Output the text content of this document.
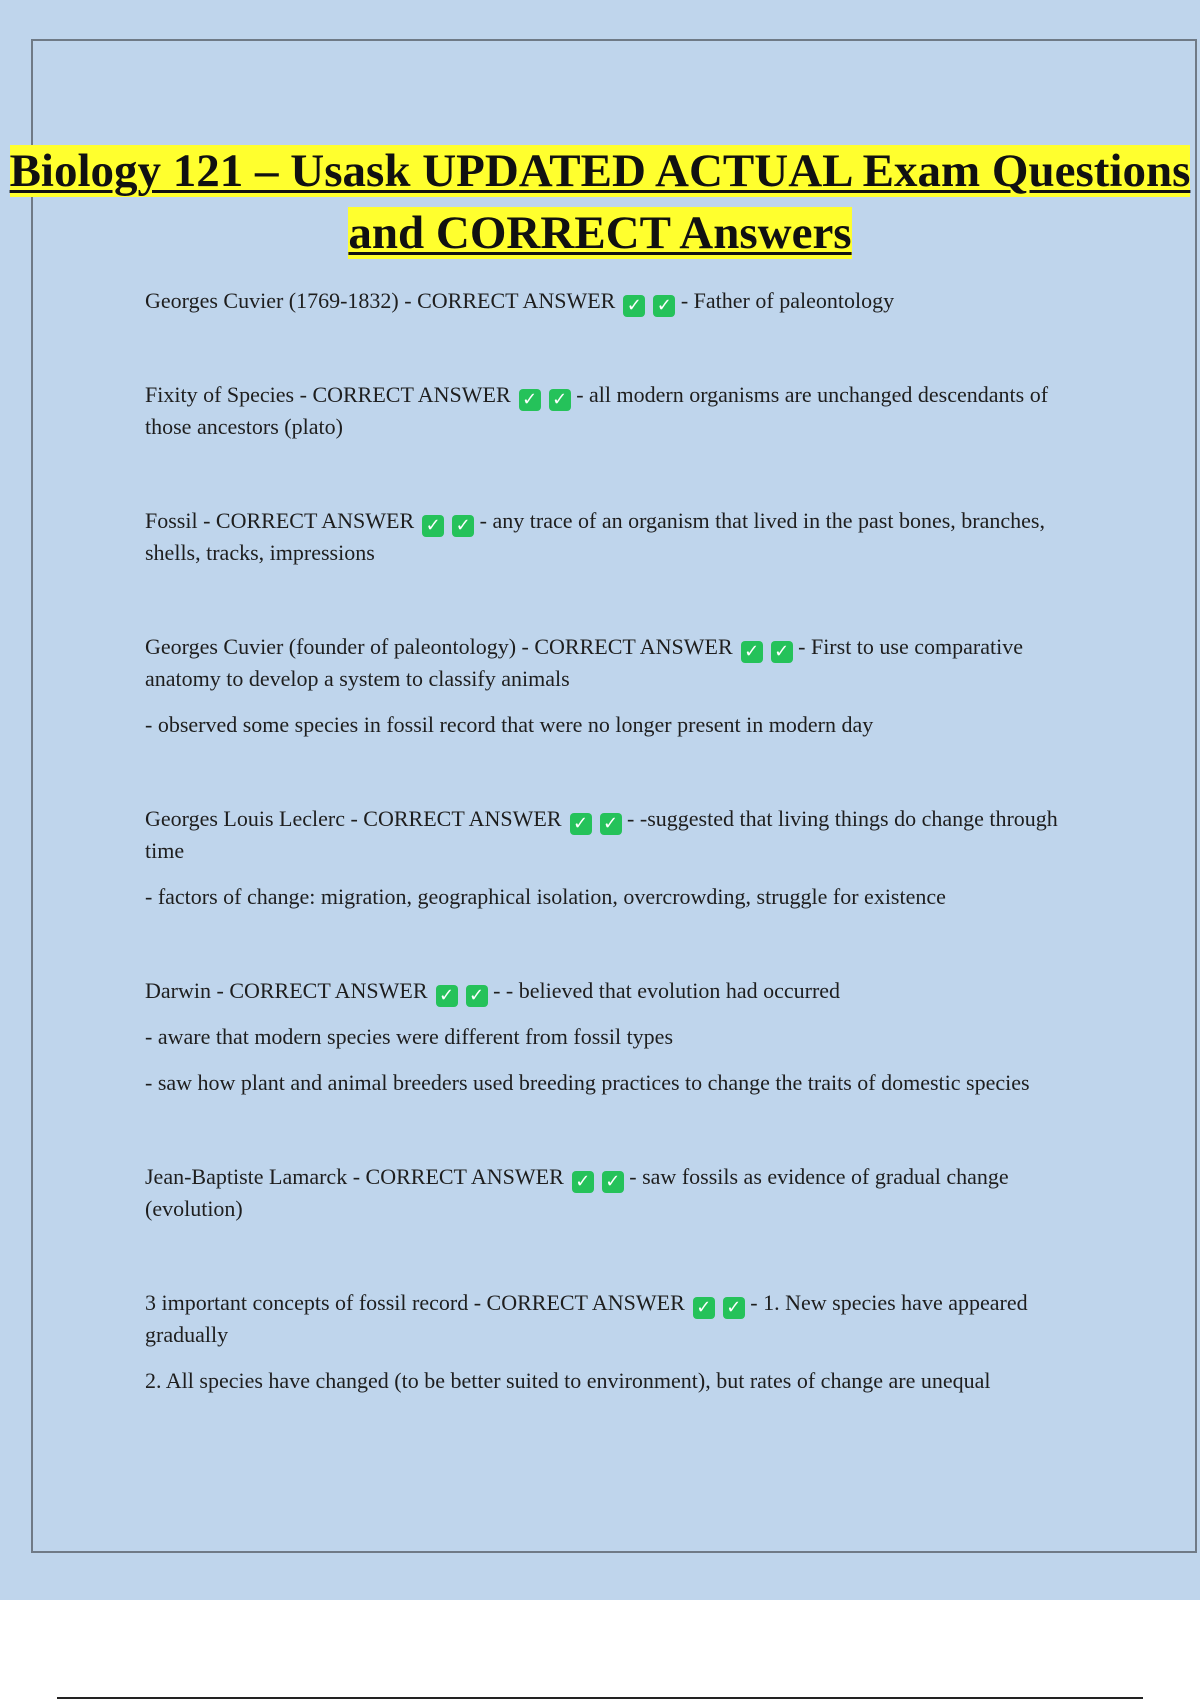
Biology 121 – Usask UPDATED ACTUAL Exam Questions and CORRECT Answers

Georges Cuvier (1769-1832) - CORRECT ANSWER ✓ ✓ - Father of paleontology

Fixity of Species - CORRECT ANSWER ✓ ✓ - all modern organisms are unchanged descendants of those ancestors (plato)

Fossil - CORRECT ANSWER ✓ ✓ - any trace of an organism that lived in the past bones, branches, shells, tracks, impressions

Georges Cuvier (founder of paleontology) - CORRECT ANSWER ✓ ✓ - First to use comparative anatomy to develop a system to classify animals

- observed some species in fossil record that were no longer present in modern day

Georges Louis Leclerc - CORRECT ANSWER ✓ ✓ - -suggested that living things do change through time

- factors of change: migration, geographical isolation, overcrowding, struggle for existence

Darwin - CORRECT ANSWER ✓ ✓ - - believed that evolution had occurred

- aware that modern species were different from fossil types

- saw how plant and animal breeders used breeding practices to change the traits of domestic species

Jean-Baptiste Lamarck - CORRECT ANSWER ✓ ✓ - saw fossils as evidence of gradual change (evolution)

3 important concepts of fossil record - CORRECT ANSWER ✓ ✓ - 1. New species have appeared gradually

2. All species have changed (to be better suited to environment), but rates of change are unequal
